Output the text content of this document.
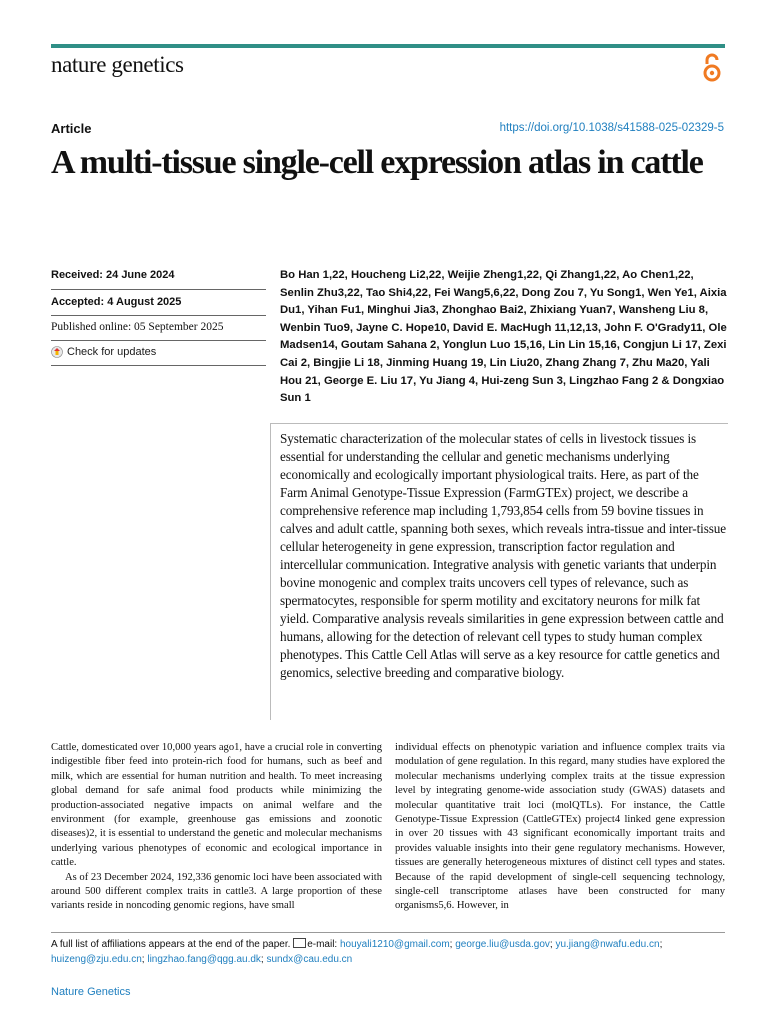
nature genetics
Article	https://doi.org/10.1038/s41588-025-02329-5
A multi-tissue single-cell expression atlas in cattle
Received: 24 June 2024
Accepted: 4 August 2025
Published online: 05 September 2025
Check for updates
Bo Han 1,22, Houcheng Li2,22, Weijie Zheng1,22, Qi Zhang1,22, Ao Chen1,22, Senlin Zhu3,22, Tao Shi4,22, Fei Wang5,6,22, Dong Zou 7, Yu Song1, Wen Ye1, Aixia Du1, Yihan Fu1, Minghui Jia3, Zhonghao Bai2, Zhixiang Yuan7, Wansheng Liu 8, Wenbin Tuo9, Jayne C. Hope10, David E. MacHugh 11,12,13, John F. O'Grady11, Ole Madsen14, Goutam Sahana 2, Yonglun Luo 15,16, Lin Lin 15,16, Congjun Li 17, Zexi Cai 2, Bingjie Li 18, Jinming Huang 19, Lin Liu20, Zhang Zhang 7, Zhu Ma20, Yali Hou 21, George E. Liu 17, Yu Jiang 4, Hui-zeng Sun 3, Lingzhao Fang 2 & Dongxiao Sun 1
Systematic characterization of the molecular states of cells in livestock tissues is essential for understanding the cellular and genetic mechanisms underlying economically and ecologically important physiological traits. Here, as part of the Farm Animal Genotype-Tissue Expression (FarmGTEx) project, we describe a comprehensive reference map including 1,793,854 cells from 59 bovine tissues in calves and adult cattle, spanning both sexes, which reveals intra-tissue and inter-tissue cellular heterogeneity in gene expression, transcription factor regulation and intercellular communication. Integrative analysis with genetic variants that underpin bovine monogenic and complex traits uncovers cell types of relevance, such as spermatocytes, responsible for sperm motility and excitatory neurons for milk fat yield. Comparative analysis reveals similarities in gene expression between cattle and humans, allowing for the detection of relevant cell types to study human complex phenotypes. This Cattle Cell Atlas will serve as a key resource for cattle genetics and genomics, selective breeding and comparative biology.

Cattle, domesticated over 10,000 years ago1, have a crucial role in converting indigestible fiber feed into protein-rich food for humans, such as beef and milk, which are essential for human nutrition and health. To meet increasing global demand for safe animal food products while minimizing the production-associated negative impacts on animal welfare and the environment (for example, greenhouse gas emissions and zoonotic diseases)2, it is essential to understand the genetic and molecular mechanisms underlying various phenotypes of economic and ecological importance in cattle.

As of 23 December 2024, 192,336 genomic loci have been associated with around 500 different complex traits in cattle3. A large proportion of these variants reside in noncoding genomic regions, have small

individual effects on phenotypic variation and influence complex traits via modulation of gene regulation. In this regard, many studies have explored the molecular mechanisms underlying complex traits at the tissue expression level by integrating genome-wide association study (GWAS) datasets and molecular quantitative trait loci (molQTLs). For instance, the Cattle Genotype-Tissue Expression (CattleGTEx) project4 linked gene expression in over 20 tissues with 43 significant economically important traits and provides valuable insights into their gene regulatory mechanisms. However, tissues are generally heterogeneous mixtures of distinct cell types and states. Because of the rapid development of single-cell sequencing technology, single-cell transcriptome atlases have been constructed for many organisms5,6. However, in

A full list of affiliations appears at the end of the paper. e-mail: houyali1210@gmail.com; george.liu@usda.gov; yu.jiang@nwafu.edu.cn; huizeng@zju.edu.cn; lingzhao.fang@qgg.au.dk; sundx@cau.edu.cn
Nature Genetics
